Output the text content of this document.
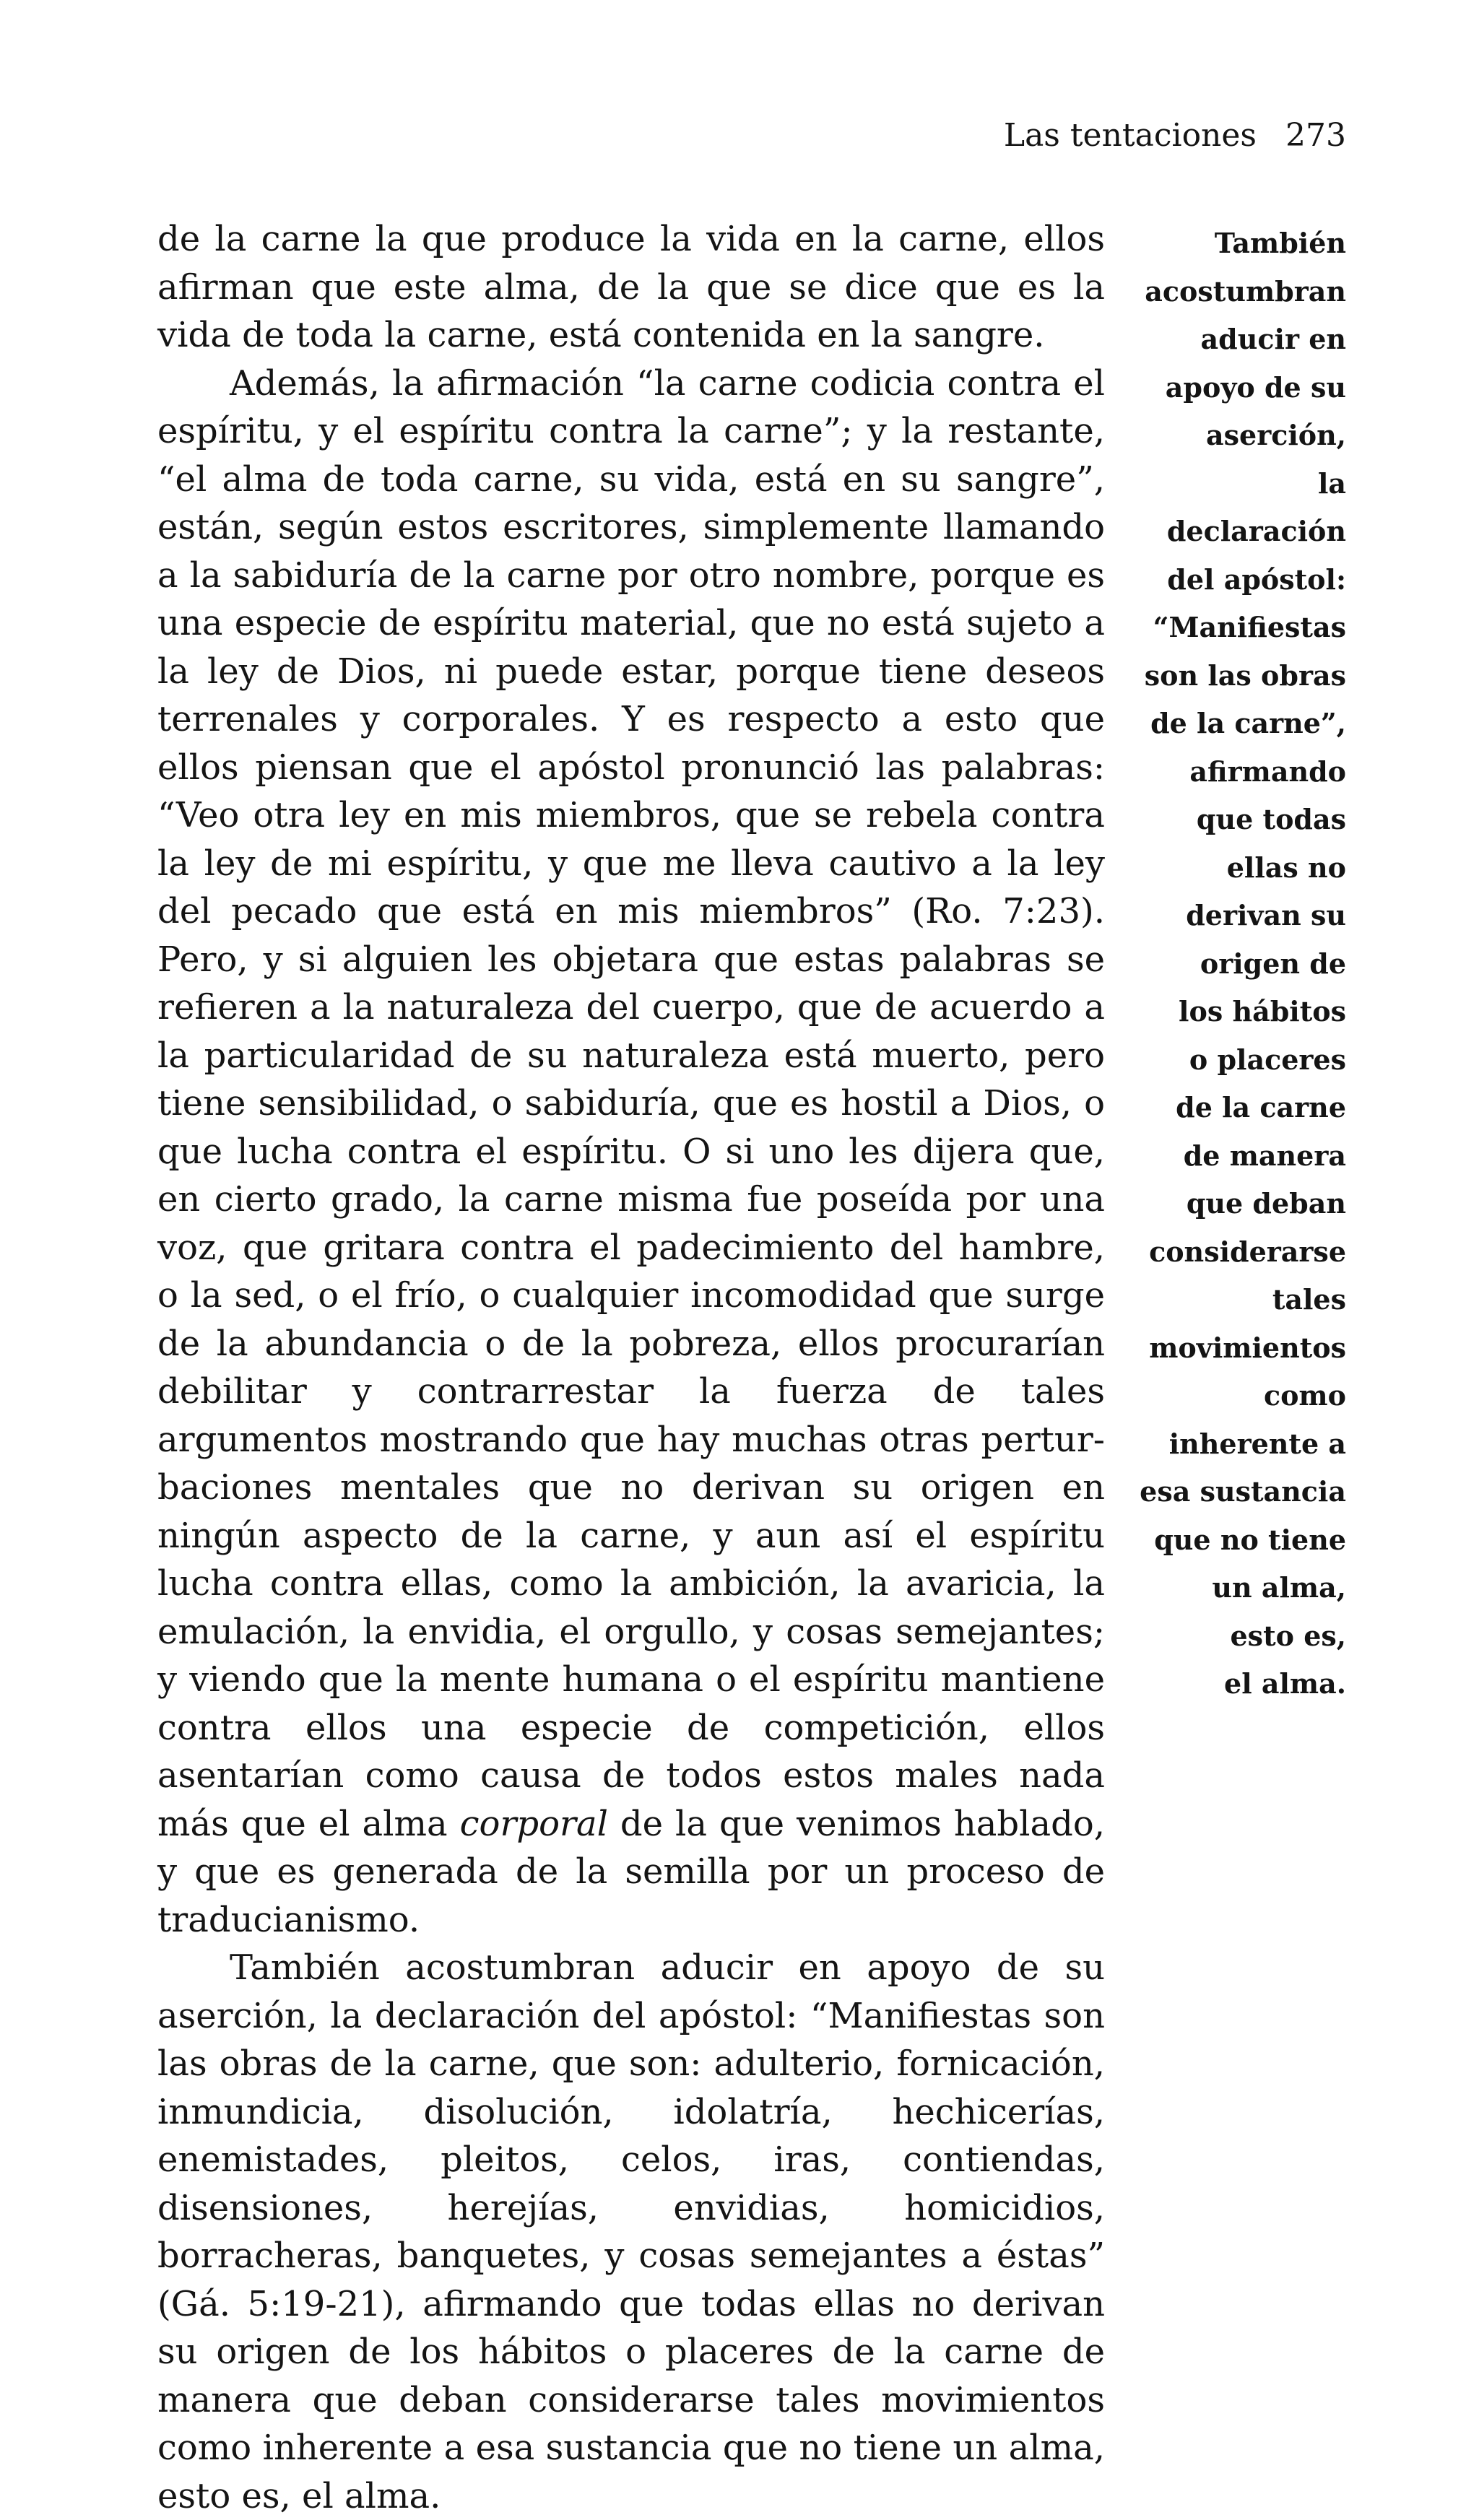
Las tentaciones 273

de la carne la que produce la vida en la carne, ellos afirman que este alma, de la que se dice que es la vida de toda la carne, está contenida en la sangre.

Además, la afirmación “la carne codicia contra el espíritu, y el espíritu contra la carne”; y la restante, “el alma de toda carne, su vida, está en su sangre”, están, según estos escritores, simplemente llamando a la sabiduría de la carne por otro nombre, porque es una especie de espíritu material, que no está sujeto a la ley de Dios, ni puede estar, porque tiene deseos terrenales y corporales. Y es respecto a esto que ellos piensan que el apóstol pronunció las palabras: “Veo otra ley en mis miembros, que se rebela contra la ley de mi espíritu, y que me lleva cautivo a la ley del pecado que está en mis miembros” (Ro. 7:23). Pero, y si alguien les objetara que estas palabras se refieren a la naturaleza del cuerpo, que de acuerdo a la particularidad de su naturaleza está muerto, pero tiene sensibilidad, o sabiduría, que es hostil a Dios, o que lucha contra el espíritu. O si uno les dijera que, en cierto grado, la carne misma fue poseída por una voz, que gritara contra el padecimiento del hambre, o la sed, o el frío, o cualquier incomodidad que surge de la abundancia o de la pobreza, ellos procurarían debilitar y contrarrestar la fuerza de tales argumentos mostrando que hay muchas otras perturbaciones mentales que no derivan su origen en ningún aspecto de la carne, y aun así el espíritu lucha contra ellas, como la ambición, la avaricia, la emulación, la envidia, el orgullo, y cosas semejantes; y viendo que la mente humana o el espíritu mantiene contra ellos una especie de competición, ellos asentarían como causa de todos estos males nada más que el alma corporal de la que venimos hablado, y que es generada de la semilla por un proceso de traducianismo.

También acostumbran aducir en apoyo de su aserción, la declaración del apóstol: “Manifiestas son las obras de la carne, que son: adulterio, fornicación, inmundicia, disolución, idolatría, hechicerías, enemistades, pleitos, celos, iras, contiendas, disensiones, herejías, envidias, homicidios, borracheras, banquetes, y cosas semejantes a éstas” (Gá. 5:19-21), afirmando que todas ellas no derivan su origen de los hábitos o placeres de la carne de manera que deban considerarse tales movimientos como inherente a esa sustancia que no tiene un alma, esto es, el alma.

También
acostumbran
aducir en
apoyo de su
aserción,
la
declaración
del apóstol:
“Manifiestas
son las obras
de la carne”,
afirmando
que todas
ellas no
derivan su
origen de
los hábitos
o placeres
de la carne
de manera
que deban
considerarse
tales
movimientos
como
inherente a
esa sustancia
que no tiene
un alma,
esto es,
el alma.
